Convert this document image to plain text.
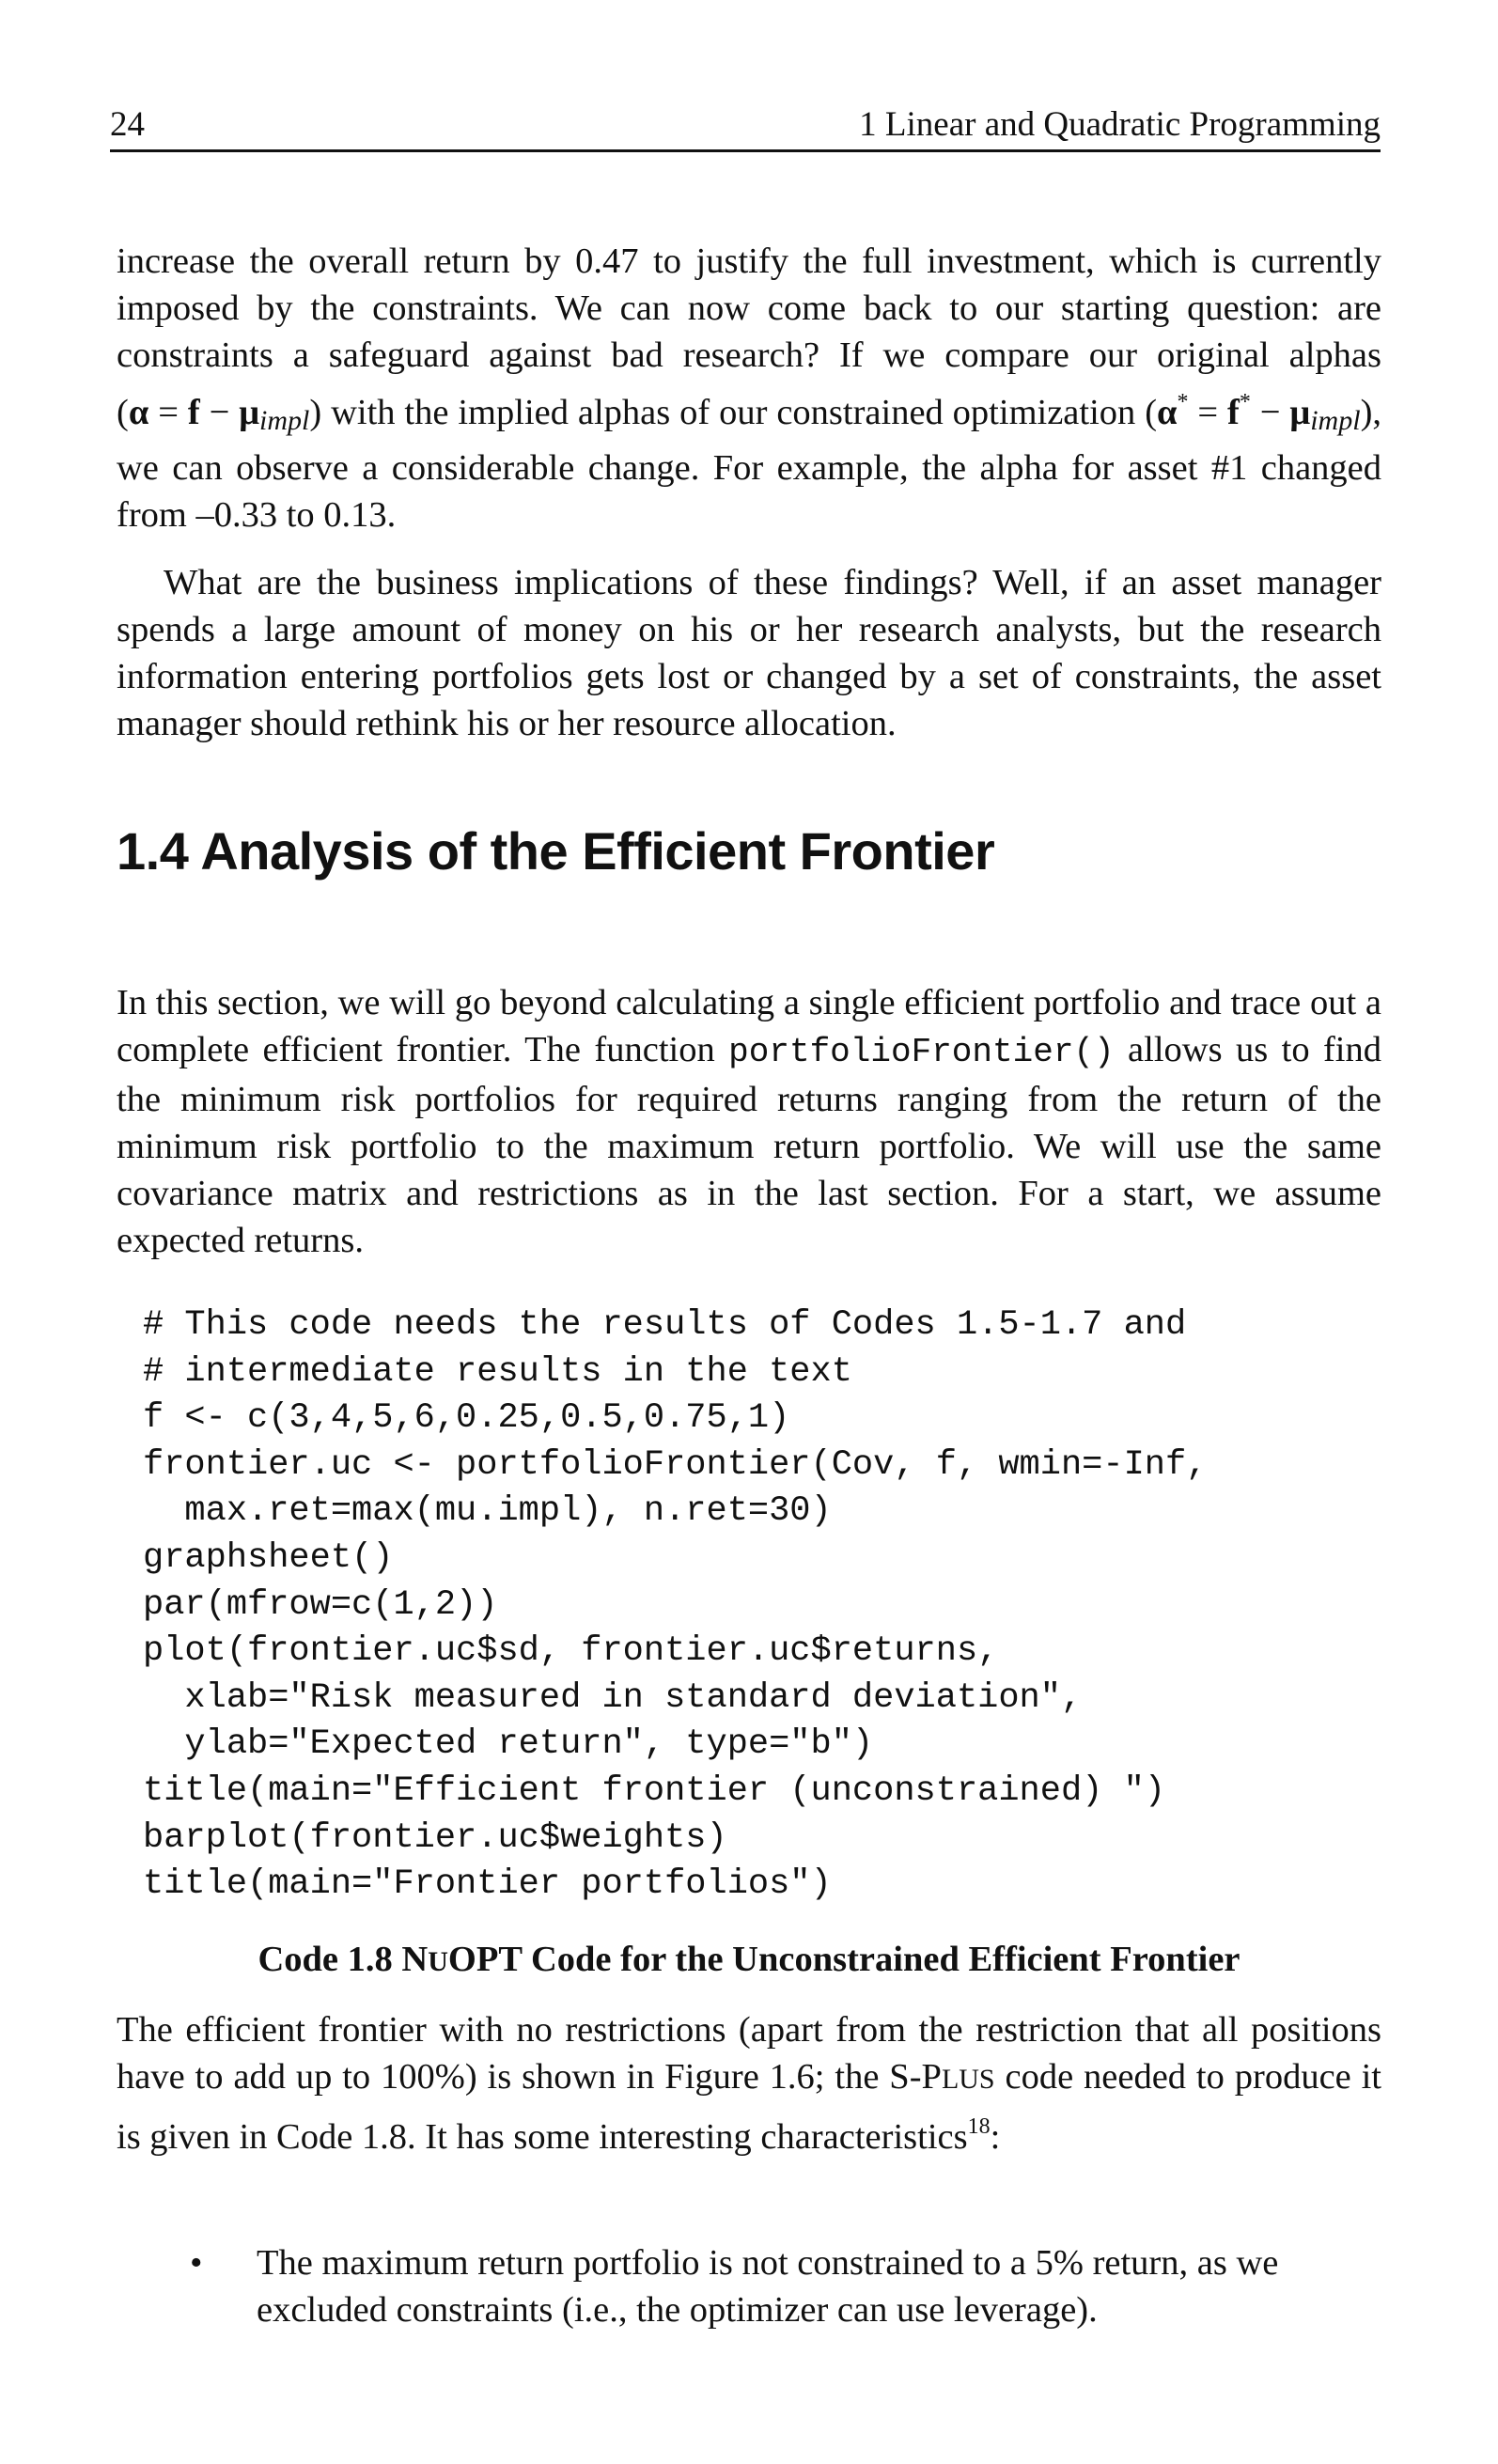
24	1 Linear and Quadratic Programming

increase the overall return by 0.47 to justify the full investment, which is currently imposed by the constraints. We can now come back to our starting question: are constraints a safeguard against bad research? If we compare our original alphas (α = f − μimpl) with the implied alphas of our constrained optimization (α* = f* − μimpl), we can observe a considerable change. For example, the alpha for asset #1 changed from –0.33 to 0.13.

What are the business implications of these findings? Well, if an asset manager spends a large amount of money on his or her research analysts, but the research information entering portfolios gets lost or changed by a set of constraints, the asset manager should rethink his or her resource allocation.

1.4 Analysis of the Efficient Frontier

In this section, we will go beyond calculating a single efficient portfolio and trace out a complete efficient frontier. The function portfolioFrontier() allows us to find the minimum risk portfolios for required returns ranging from the return of the minimum risk portfolio to the maximum return portfolio. We will use the same covariance matrix and restrictions as in the last section. For a start, we assume expected returns.

# This code needs the results of Codes 1.5-1.7 and
# intermediate results in the text
f <- c(3,4,5,6,0.25,0.5,0.75,1)
frontier.uc <- portfolioFrontier(Cov, f, wmin=-Inf,
max.ret=max(mu.impl), n.ret=30)
graphsheet()
par(mfrow=c(1,2))
plot(frontier.uc$sd, frontier.uc$returns,
xlab="Risk measured in standard deviation",
ylab="Expected return", type="b")
title(main="Efficient frontier (unconstrained) ")
barplot(frontier.uc$weights)
title(main="Frontier portfolios")

Code 1.8 NUOPT Code for the Unconstrained Efficient Frontier

The efficient frontier with no restrictions (apart from the restriction that all positions have to add up to 100%) is shown in Figure 1.6; the S-PLUS code needed to produce it is given in Code 1.8. It has some interesting characteristics$^{18}$:

• The maximum return portfolio is not constrained to a 5% return, as we excluded constraints (i.e., the optimizer can use leverage).
